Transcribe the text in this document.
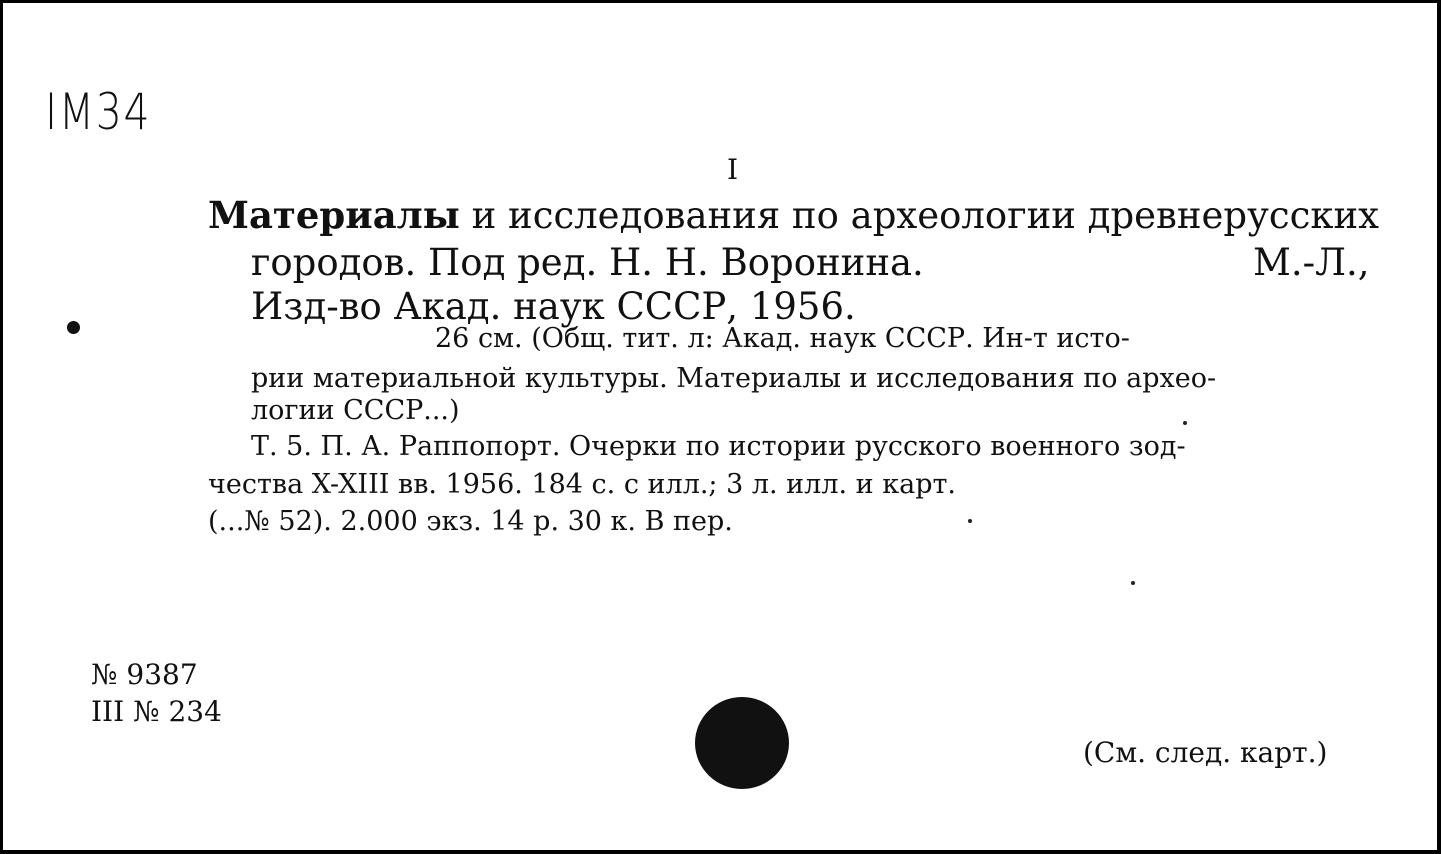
IМ34
I
Материалы и исследования по археологии древнерусских
городов. Под ред. Н. Н. Воронина.	М.-Л.,
Изд-во Акад. наук СССР, 1956.
26 см. (Общ. тит. л: Акад. наук СССР. Ин-т исто-
рии материальной культуры. Материалы и исследования по архео-
логии СССР...)
Т. 5. П. А. Раппопорт. Очерки по истории русского военного зод-
чества X-XIII вв. 1956. 184 с. с илл.; 3 л. илл. и карт.
(...№ 52). 2.000 экз. 14 р. 30 к. В пер.
№ 9387
III № 234
(См. след. карт.)
